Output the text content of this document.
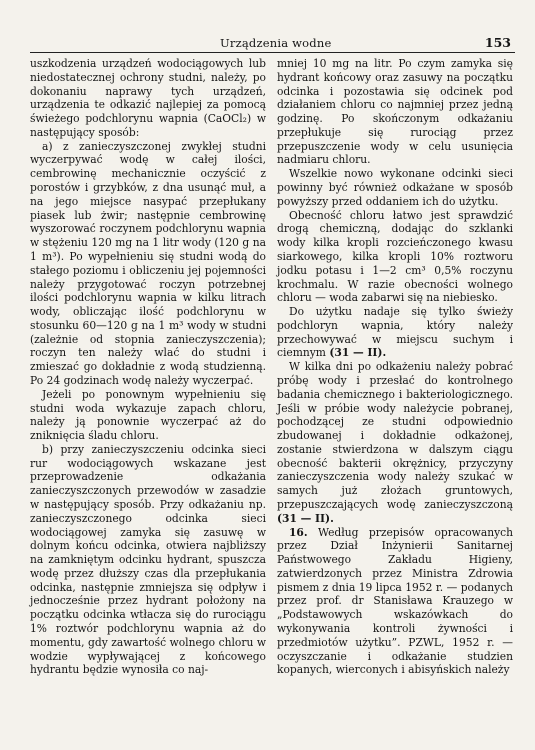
Urządzenia wodne	153

uszkodzenia urządzeń wodociągowych lub niedostatecznej ochrony studni, należy, po dokonaniu naprawy tych urządzeń, urządzenia te odkazić najlepiej za pomocą świeżego podchlorynu wapnia (CaOCl₂) w następujący sposób:

a) z zanieczyszczonej zwykłej studni wyczerpywać wodę w całej ilości, cembrowinę mechanicznie oczyścić z porostów i grzybków, z dna usunąć muł, a na jego miejsce nasypać przepłukany piasek lub żwir; następnie cembrowinę wyszorować roczynem podchlorynu wapnia w stężeniu 120 mg na 1 litr wody (120 g na 1 m³). Po wypełnieniu się studni wodą do stałego poziomu i obliczeniu jej pojemności należy przygotować roczyn potrzebnej ilości podchlorynu wapnia w kilku litrach wody, obliczając ilość podchlorynu w stosunku 60—120 g na 1 m³ wody w studni (zależnie od stopnia zanieczyszczenia); roczyn ten należy wlać do studni i zmieszać go dokładnie z wodą studzienną. Po 24 godzinach wodę należy wyczerpać.

Jeżeli po ponownym wypełnieniu się studni woda wykazuje zapach chloru, należy ją ponownie wyczerpać aż do zniknięcia śladu chloru.

b) przy zanieczyszczeniu odcinka sieci rur wodociągowych wskazane jest przeprowadzenie odkażania zanieczyszczonych przewodów w zasadzie w następujący sposób. Przy odkażaniu np. zanieczyszczonego odcinka sieci wodociągowej zamyka się zasuwę w dolnym końcu odcinka, otwiera najbliższy na zamkniętym odcinku hydrant, spuszcza wodę przez dłuższy czas dla przepłukania odcinka, następnie zmniejsza się odpływ i jednocześnie przez hydrant położony na początku odcinka wtłacza się do rurociągu 1% roztwór podchlorynu wapnia aż do momentu, gdy zawartość wolnego chloru w wodzie wypływającej z końcowego hydrantu będzie wynosiła co naj-

mniej 10 mg na litr. Po czym zamyka się hydrant końcowy oraz zasuwy na początku odcinka i pozostawia się odcinek pod działaniem chloru co najmniej przez jedną godzinę. Po skończonym odkażaniu przepłukuje się rurociąg przez przepuszczenie wody w celu usunięcia nadmiaru chloru.

Wszelkie nowo wykonane odcinki sieci powinny być również odkażane w sposób powyższy przed oddaniem ich do użytku.

Obecność chloru łatwo jest sprawdzić drogą chemiczną, dodając do szklanki wody kilka kropli rozcieńczonego kwasu siarkowego, kilka kropli 10% roztworu jodku potasu i 1—2 cm³ 0,5% roczynu krochmalu. W razie obecności wolnego chloru — woda zabarwi się na niebiesko.

Do użytku nadaje się tylko świeży podchloryn wapnia, który należy przechowywać w miejscu suchym i ciemnym (31 — II).

W kilka dni po odkażeniu należy pobrać próbę wody i przesłać do kontrolnego badania chemicznego i bakteriologicznego. Jeśli w próbie wody należycie pobranej, pochodzącej ze studni odpowiednio zbudowanej i dokładnie odkażonej, zostanie stwierdzona w dalszym ciągu obecność bakterii okrężnicy, przyczyny zanieczyszczenia wody należy szukać w samych już złożach gruntowych, przepuszczających wodę zanieczyszczoną (31 — II).

16. Według przepisów opracowanych przez Dział Inżynierii Sanitarnej Państwowego Zakładu Higieny, zatwierdzonych przez Ministra Zdrowia pismem z dnia 19 lipca 1952 r. — podanych przez prof. dr Stanisława Krauzego w „Podstawowych wskazówkach do wykonywania kontroli żywności i przedmiotów użytku”. PZWL, 1952 r. — oczyszczanie i odkażanie studzien kopanych, wierconych i abisyńskich należy
